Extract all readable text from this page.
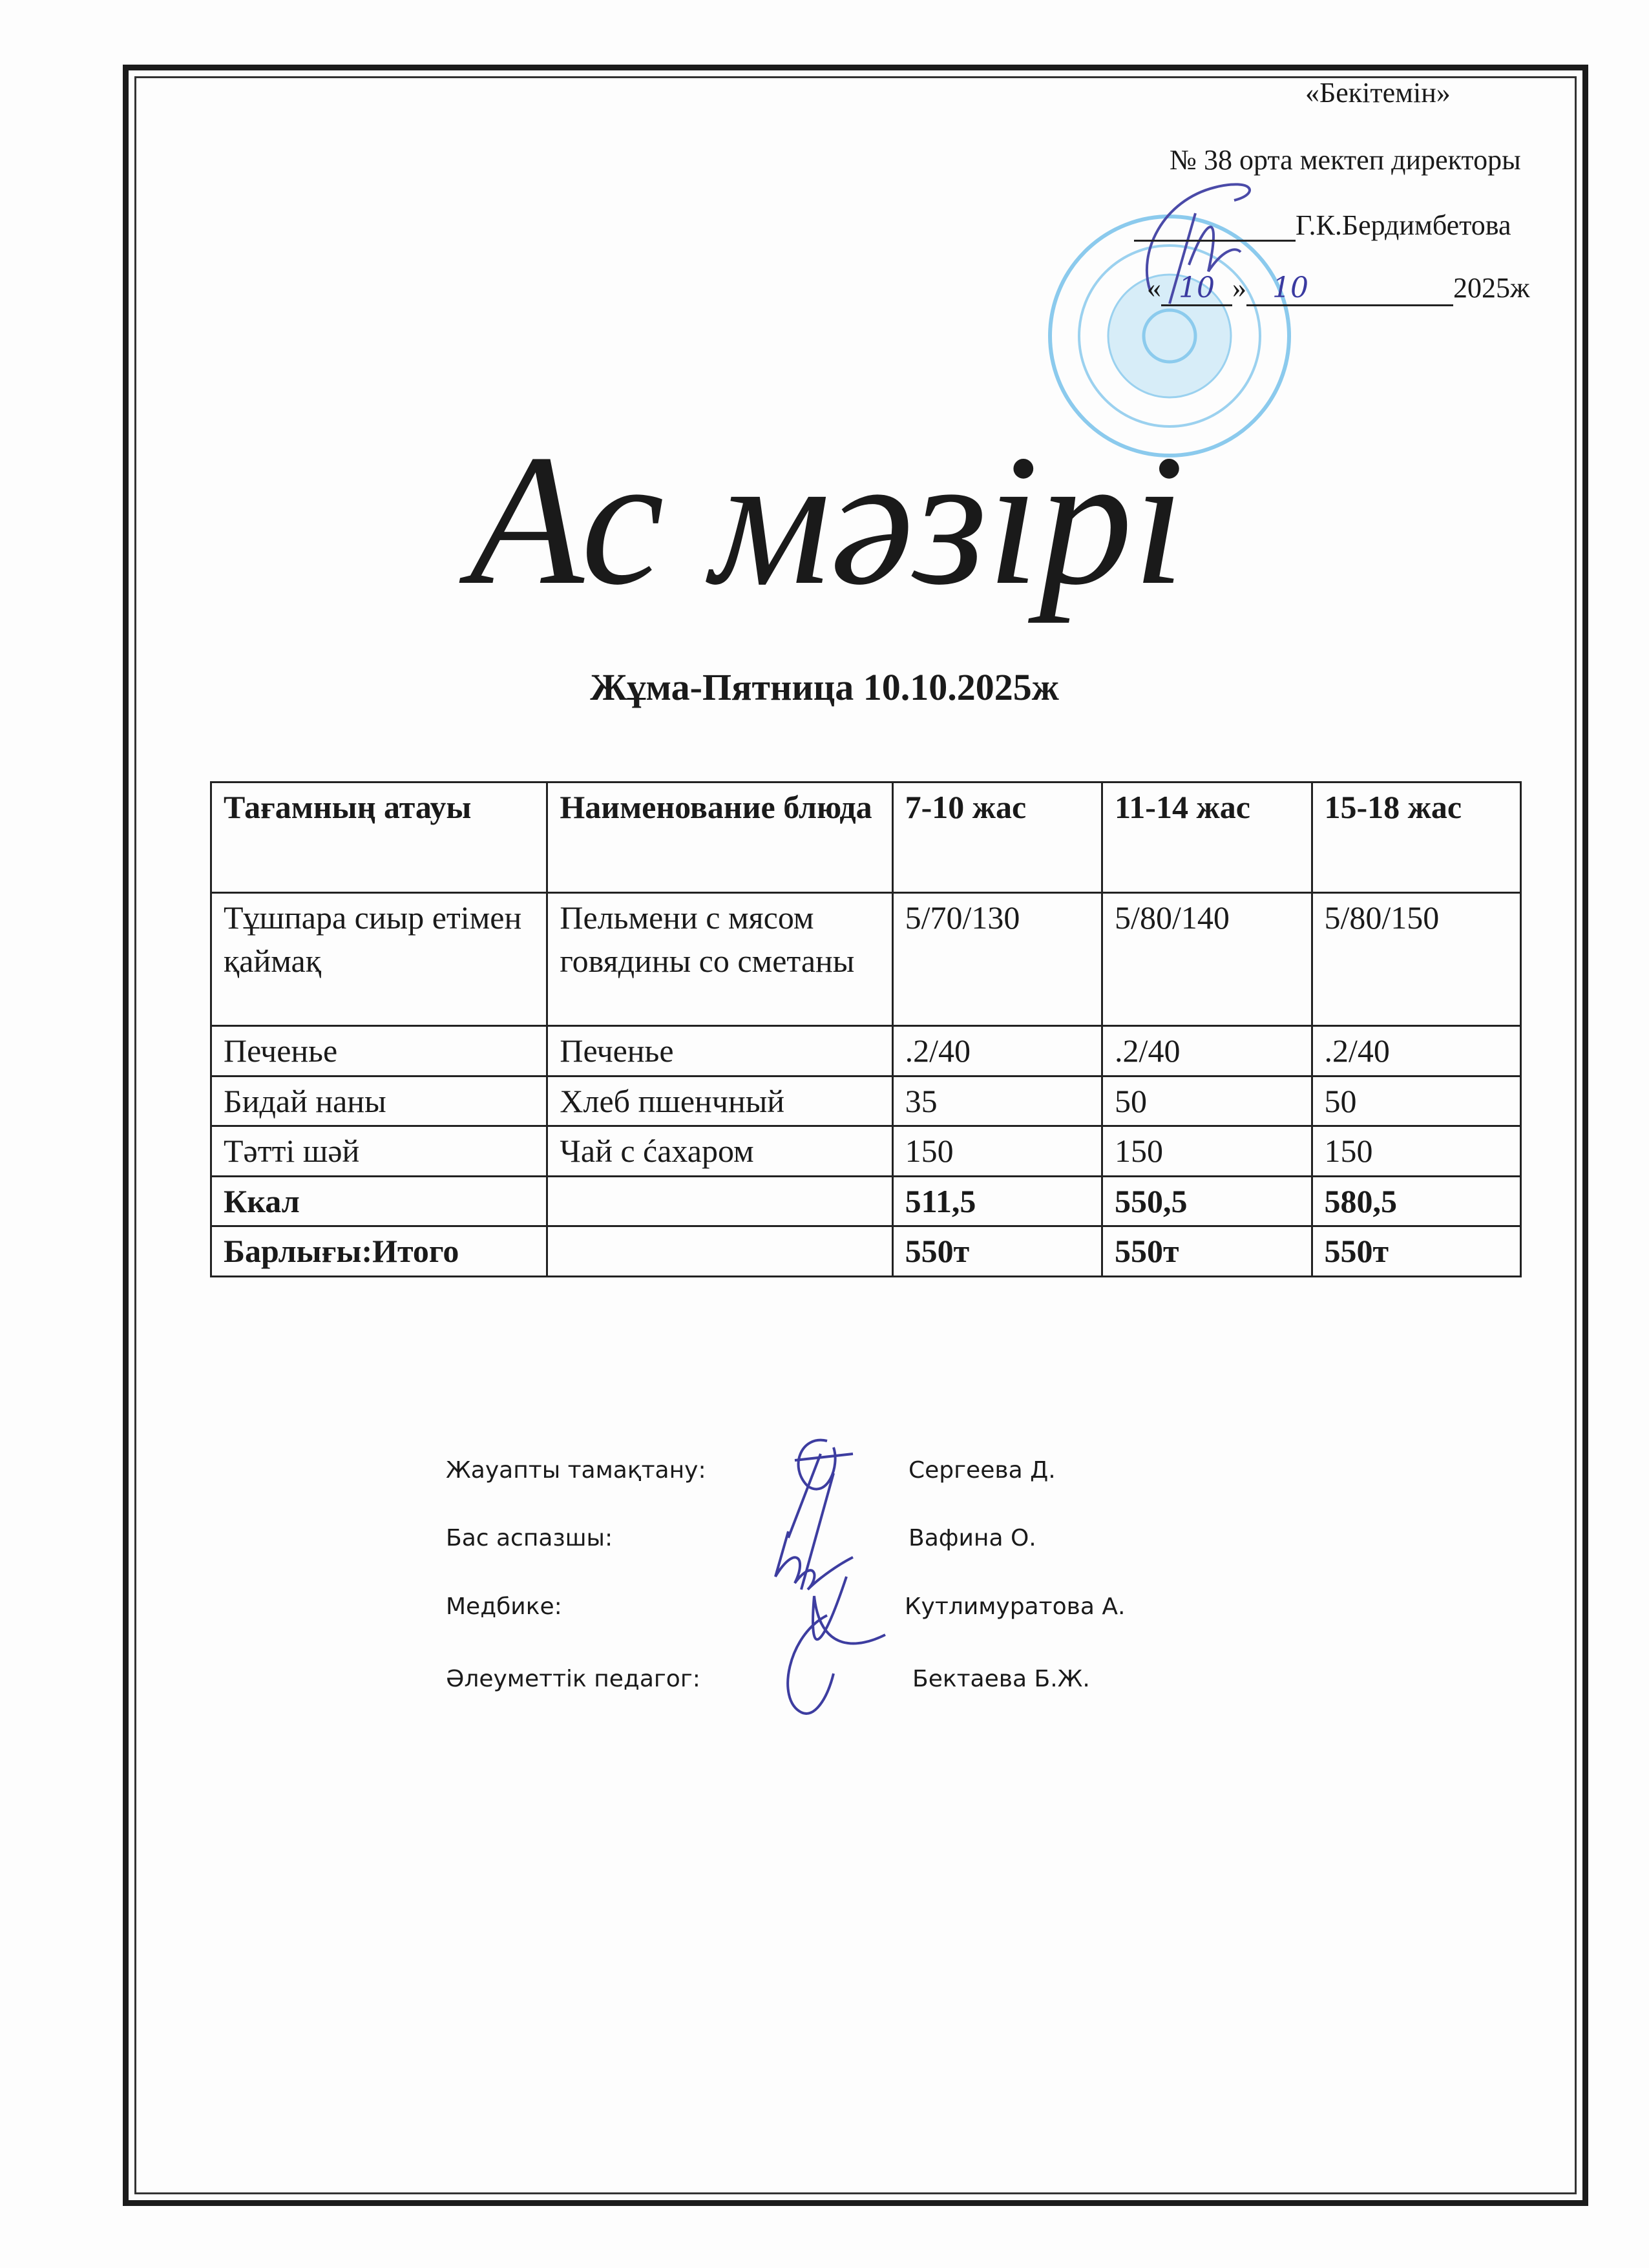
«Бекітемін»
№ 38 орта мектеп директоры
Г.К.Бердимбетова
« 10 » 10	2025ж
Ас мәзірі
Жұма-Пятница 10.10.2025ж
Тағамның атауы	Наименование блюда	7-10 жас	11-14 жас	15-18 жас
Тұшпара сиыр етімен қаймақ	Пельмени с мясом говядины со сметаны	5/70/130	5/80/140	5/80/150
Печенье	Печенье	.2/40	.2/40	.2/40
Бидай наны	Хлеб пшенчный	35	50	50
Тәтті шәй	Чай с ćахаром	150	150	150
Ккал		511,5	550,5	580,5
Барлығы:Итого		550т	550т	550т
Жауапты тамақтану:	Сергеева Д.
Бас аспазшы:	Вафина О.
Медбике:	Кутлимуратова А.
Әлеуметтік педагог:	Бектаева Б.Ж.
